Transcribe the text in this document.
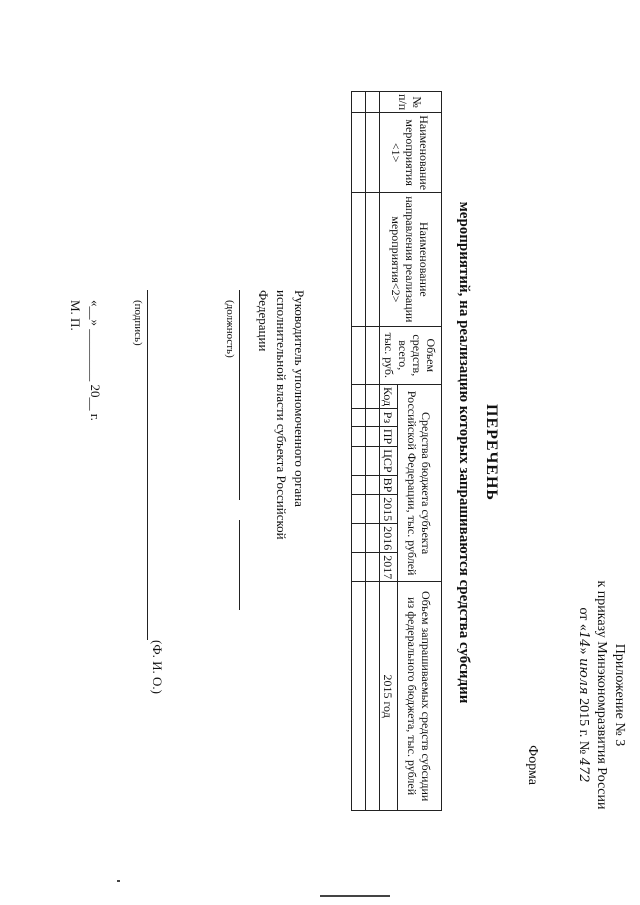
Приложение № 3
к приказу Минэкономразвития России
от «14» июля 2015 г. № 472
Форма
ПЕРЕЧЕНЬ
мероприятий, на реализацию которых запрашиваются средства субсидии
№ п/п	Наименование мероприятия <1>	Наименование направления реализации мероприятия<2>	Объем средств, всего, тыс. руб.	Средства бюджета субъекта Российской Федерации, тыс. рублей								Объем запрашиваемых средств субсидии из федерального бюджета, тыс. рублей
				Код	Рз	ПР	ЦСР	ВР	2015	2016	2017	2015 год

Руководитель уполномоченного органа
исполнительной власти субъекта Российской
Федерации
(должность)
(подпись)
(Ф. И. О.)
«__» ________ 20__ г.
М. П.
